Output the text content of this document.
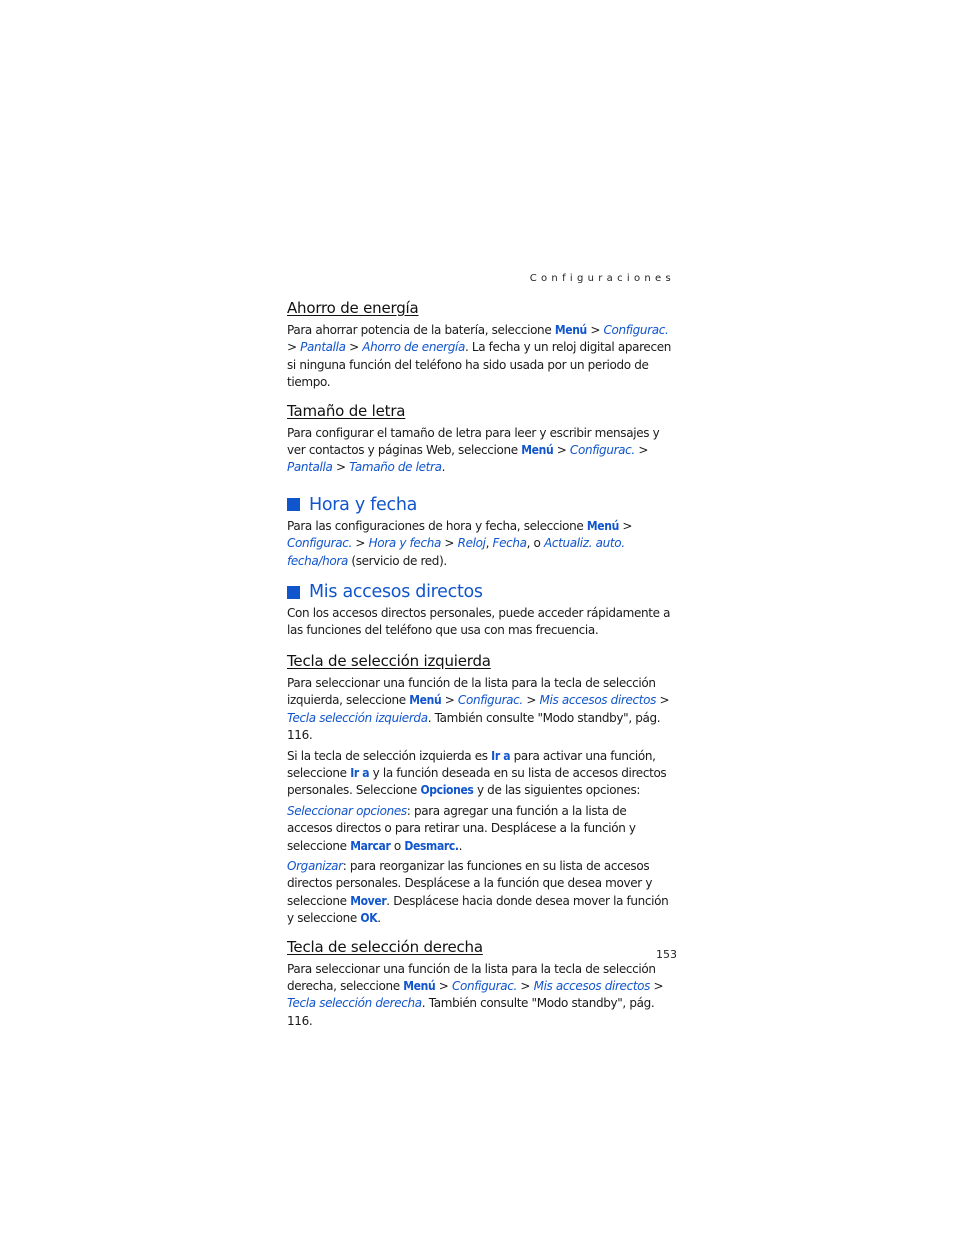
Configuraciones
Ahorro de energía

Para ahorrar potencia de la batería, seleccione Menú > Configurac. > Pantalla > Ahorro de energía. La fecha y un reloj digital aparecen si ninguna función del teléfono ha sido usada por un periodo de tiempo.

Tamaño de letra

Para configurar el tamaño de letra para leer y escribir mensajes y ver contactos y páginas Web, seleccione Menú > Configurac. > Pantalla > Tamaño de letra.

Hora y fecha

Para las configuraciones de hora y fecha, seleccione Menú > Configurac. > Hora y fecha > Reloj, Fecha, o Actualiz. auto. fecha/hora (servicio de red).

Mis accesos directos

Con los accesos directos personales, puede acceder rápidamente a las funciones del teléfono que usa con mas frecuencia.

Tecla de selección izquierda

Para seleccionar una función de la lista para la tecla de selección izquierda, seleccione Menú > Configurac. > Mis accesos directos > Tecla selección izquierda. También consulte "Modo standby", pág. 116.

Si la tecla de selección izquierda es Ir a para activar una función, seleccione Ir a y la función deseada en su lista de accesos directos personales. Seleccione Opciones y de las siguientes opciones:

Seleccionar opciones: para agregar una función a la lista de accesos directos o para retirar una. Desplácese a la función y seleccione Marcar o Desmarc..

Organizar: para reorganizar las funciones en su lista de accesos directos personales. Desplácese a la función que desea mover y seleccione Mover. Desplácese hacia donde desea mover la función y seleccione OK.

Tecla de selección derecha

Para seleccionar una función de la lista para la tecla de selección derecha, seleccione Menú > Configurac. > Mis accesos directos > Tecla selección derecha. También consulte "Modo standby", pág. 116.

153
